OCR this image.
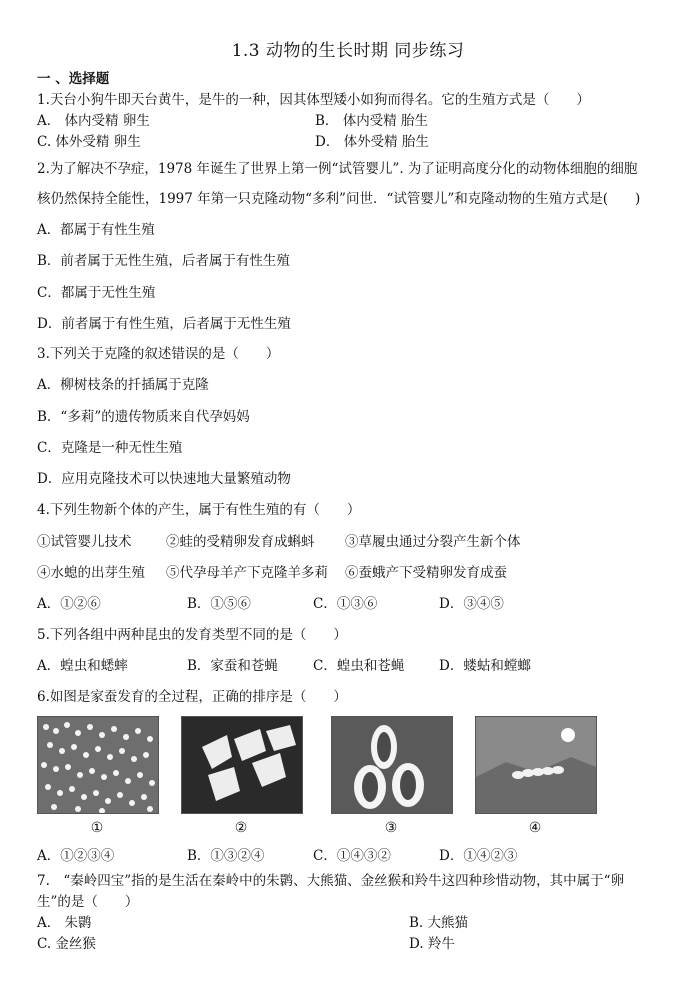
1.3 动物的生长时期 同步练习
一 、选择题
1.天台小狗牛即天台黄牛，是牛的一种，因其体型矮小如狗而得名。它的生殖方式是（　　）
A． 体内受精 卵生	B． 体内受精 胎生
C. 体外受精 卵生	D． 体外受精 胎生
2.为了解决不孕症，1978 年诞生了世界上第一例“试管婴儿”. 为了证明高度分化的动物体细胞的细胞
核仍然保持全能性，1997 年第一只克隆动物“多利”问世．“试管婴儿”和克隆动物的生殖方式是(　　)
A．都属于有性生殖
B．前者属于无性生殖，后者属于有性生殖
C．都属于无性生殖
D．前者属于有性生殖，后者属于无性生殖
3.下列关于克隆的叙述错误的是（　　）
A．柳树枝条的扦插属于克隆
B．“多莉”的遗传物质来自代孕妈妈
C．克隆是一种无性生殖
D．应用克隆技术可以快速地大量繁殖动物
4.下列生物新个体的产生，属于有性生殖的有（　　）
①试管婴儿技术	②蛙的受精卵发育成蝌蚪 ③草履虫通过分裂产生新个体
④水螅的出芽生殖 ⑤代孕母羊产下克隆羊多莉 ⑥蚕蛾产下受精卵发育成蚕
A．①②⑥	B．①⑤⑥	C．①③⑥	D．③④⑤
5.下列各组中两种昆虫的发育类型不同的是（　　）
A．蝗虫和蟋蟀	B．家蚕和苍蝇	C．蝗虫和苍蝇	D．蝼蛄和螳螂
6.如图是家蚕发育的全过程，正确的排序是（　　）
①	②	③	④
A．①②③④	B．①③②④	C．①④③②	D．①④②③
7.　“秦岭四宝”指的是生活在秦岭中的朱鹮、大熊猫、金丝猴和羚牛这四种珍惜动物，其中属于“卵
生”的是（　　）
A． 朱鹮	B. 大熊猫
C. 金丝猴	D. 羚牛
